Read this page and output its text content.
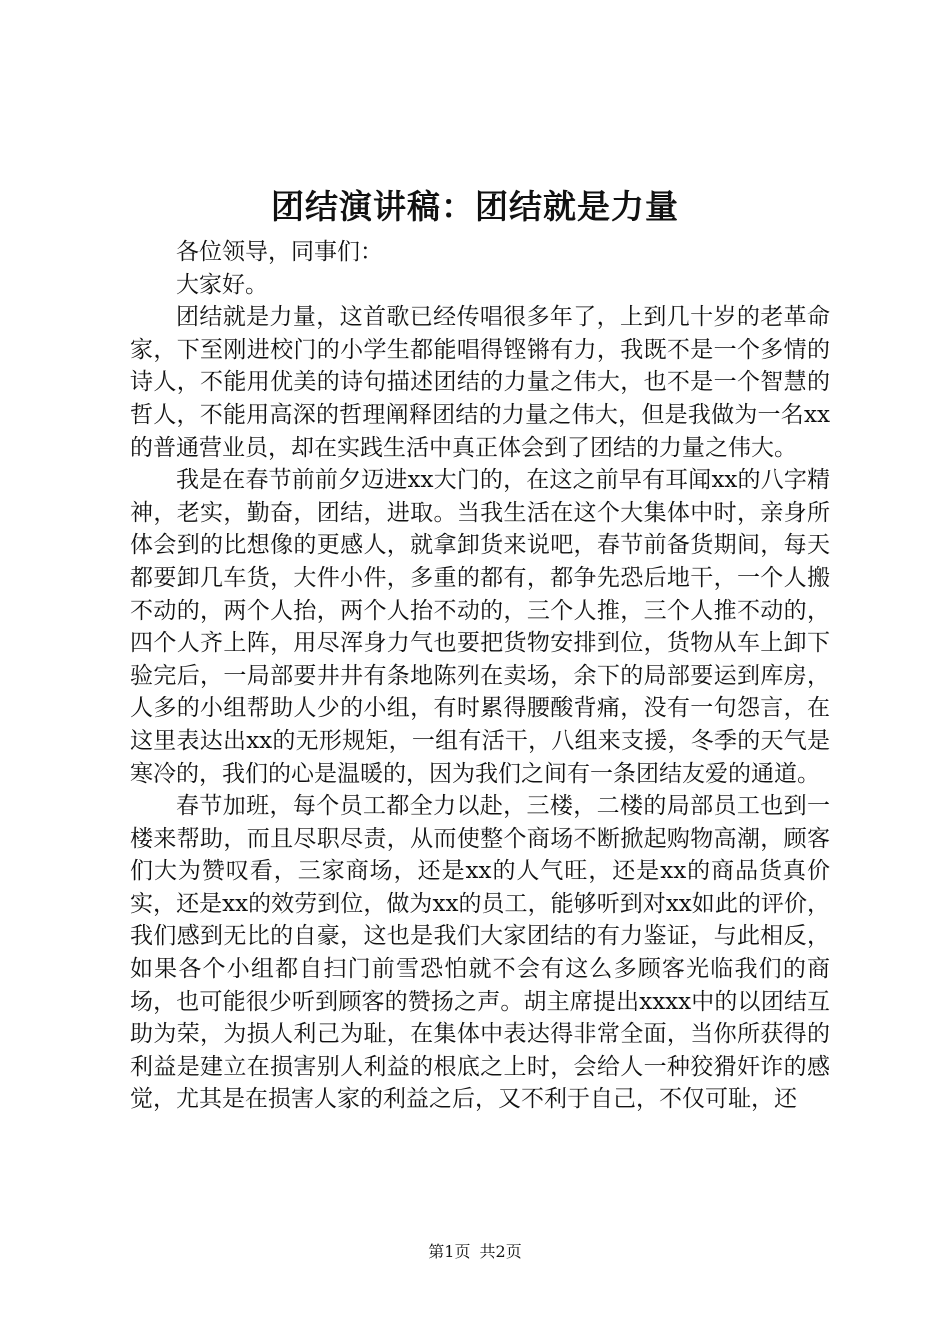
团结演讲稿：团结就是力量

各位领导，同事们：

大家好。

团结就是力量，这首歌已经传唱很多年了，上到几十岁的老革命家，下至刚进校门的小学生都能唱得铿锵有力，我既不是一个多情的诗人，不能用优美的诗句描述团结的力量之伟大，也不是一个智慧的哲人，不能用高深的哲理阐释团结的力量之伟大，但是我做为一名xx的普通营业员，却在实践生活中真正体会到了团结的力量之伟大。

我是在春节前前夕迈进xx大门的，在这之前早有耳闻xx的八字精神，老实，勤奋，团结，进取。当我生活在这个大集体中时，亲身所体会到的比想像的更感人，就拿卸货来说吧，春节前备货期间，每天都要卸几车货，大件小件，多重的都有，都争先恐后地干，一个人搬不动的，两个人抬，两个人抬不动的，三个人推，三个人推不动的，四个人齐上阵，用尽浑身力气也要把货物安排到位，货物从车上卸下验完后，一局部要井井有条地陈列在卖场，余下的局部要运到库房，人多的小组帮助人少的小组，有时累得腰酸背痛，没有一句怨言，在这里表达出xx的无形规矩，一组有活干，八组来支援，冬季的天气是寒冷的，我们的心是温暖的，因为我们之间有一条团结友爱的通道。

春节加班，每个员工都全力以赴，三楼，二楼的局部员工也到一楼来帮助，而且尽职尽责，从而使整个商场不断掀起购物高潮，顾客们大为赞叹看，三家商场，还是xx的人气旺，还是xx的商品货真价实，还是xx的效劳到位，做为xx的员工，能够听到对xx如此的评价，我们感到无比的自豪，这也是我们大家团结的有力鉴证，与此相反，如果各个小组都自扫门前雪恐怕就不会有这么多顾客光临我们的商场，也可能很少听到顾客的赞扬之声。胡主席提出xxxx中的以团结互助为荣，为损人利己为耻，在集体中表达得非常全面，当你所获得的利益是建立在损害别人利益的根底之上时，会给人一种狡猾奸诈的感觉，尤其是在损害人家的利益之后，又不利于自己，不仅可耻，还

第1页 共2页
